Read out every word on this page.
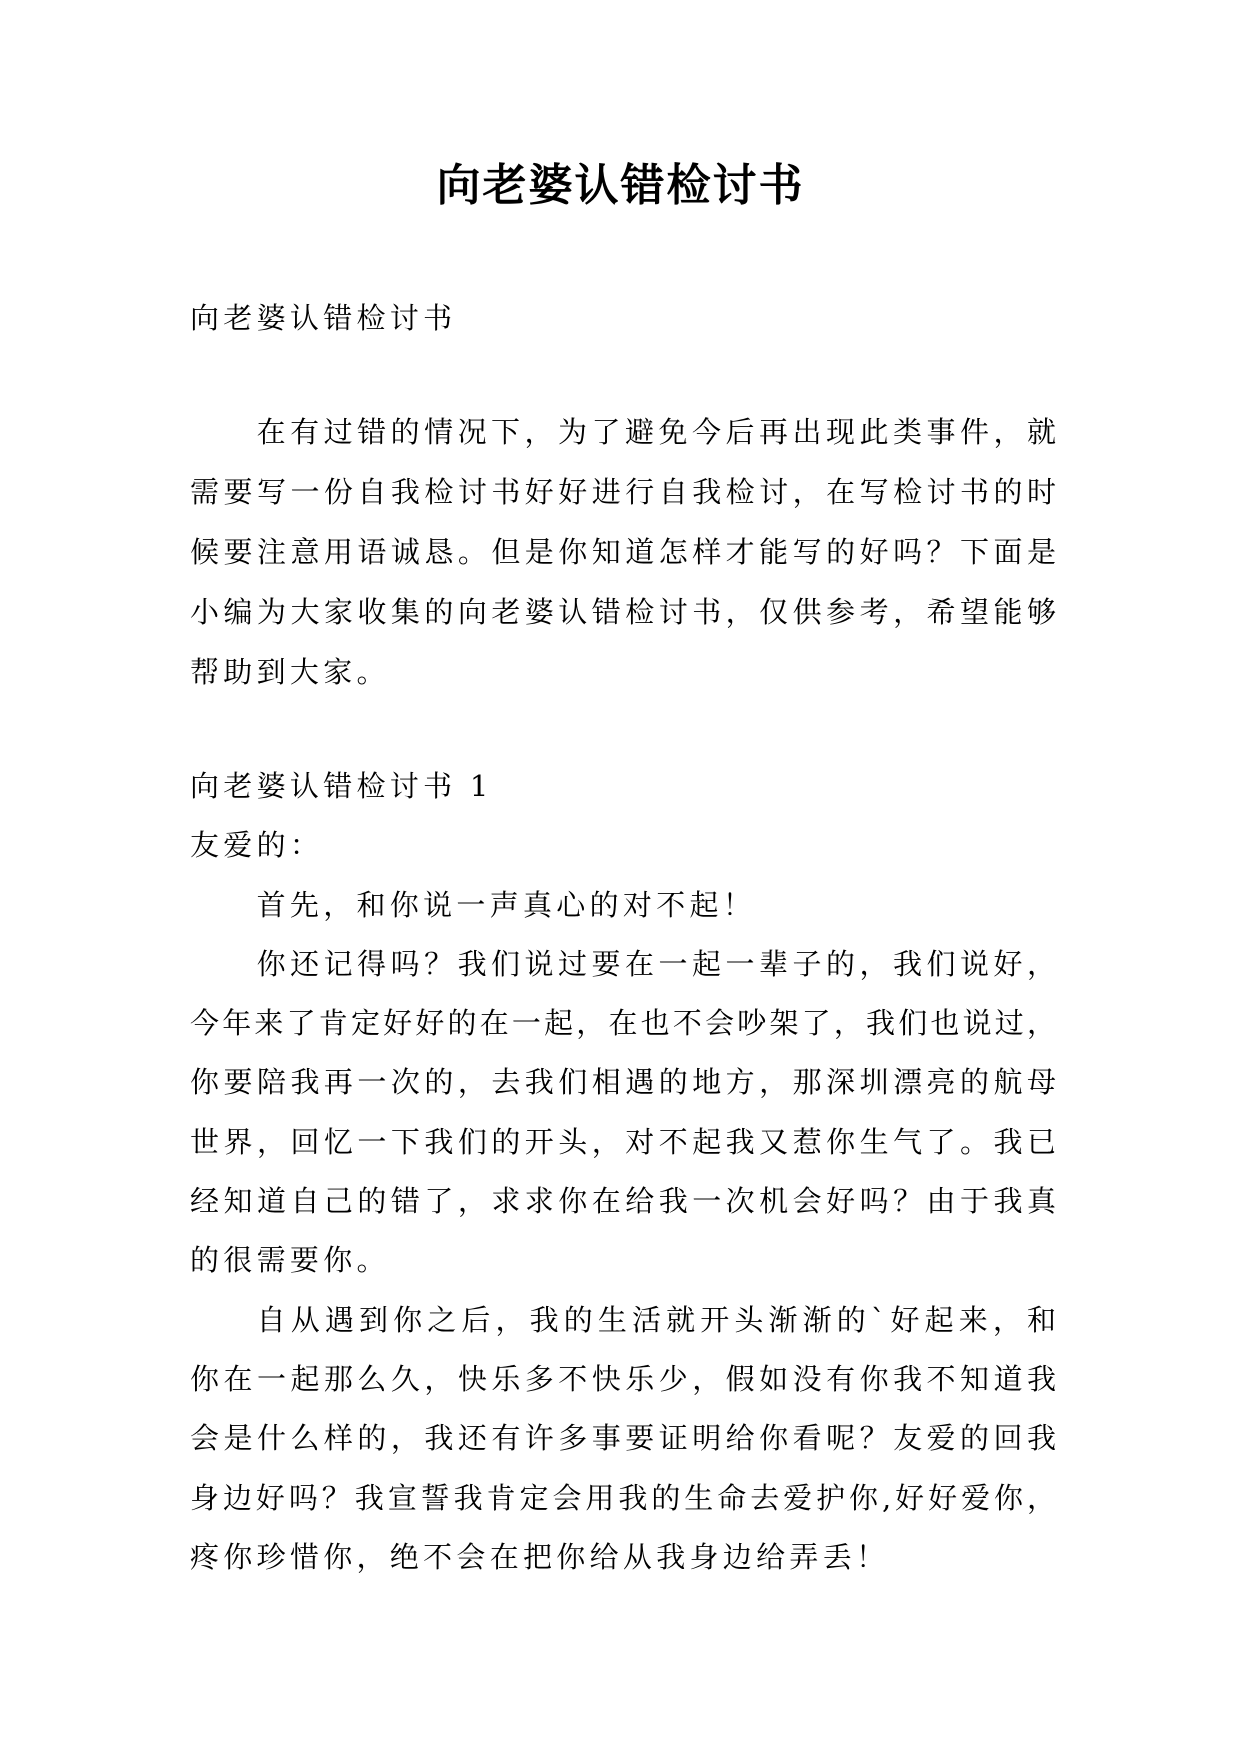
向老婆认错检讨书
向老婆认错检讨书
在有过错的情况下，为了避免今后再出现此类事件，就
需要写一份自我检讨书好好进行自我检讨，在写检讨书的时
候要注意用语诚恳。但是你知道怎样才能写的好吗？下面是
小编为大家收集的向老婆认错检讨书，仅供参考，希望能够
帮助到大家。
向老婆认错检讨书 1
友爱的：
首先，和你说一声真心的对不起！
你还记得吗？我们说过要在一起一辈子的，我们说好，
今年来了肯定好好的在一起，在也不会吵架了，我们也说过，
你要陪我再一次的，去我们相遇的地方，那深圳漂亮的航母
世界，回忆一下我们的开头，对不起我又惹你生气了。我已
经知道自己的错了，求求你在给我一次机会好吗？由于我真
的很需要你。
自从遇到你之后，我的生活就开头渐渐的`好起来，和
你在一起那么久，快乐多不快乐少，假如没有你我不知道我
会是什么样的，我还有许多事要证明给你看呢？友爱的回我
身边好吗？我宣誓我肯定会用我的生命去爱护你,好好爱你，
疼你珍惜你，绝不会在把你给从我身边给弄丢！
